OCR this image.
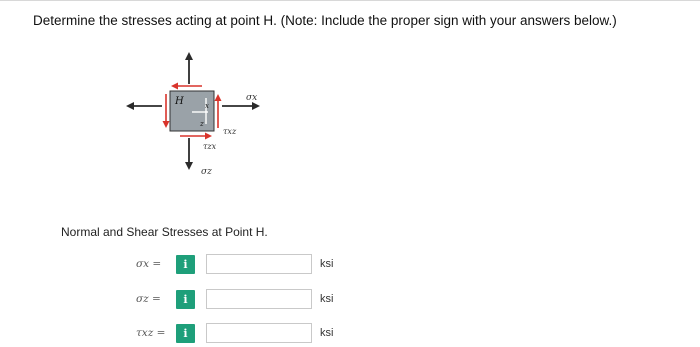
Determine the stresses acting at point H. (Note: Include the proper sign with your answers below.)
H	x
z
σx
τxz
τzx
σz
Normal and Shear Stresses at Point H.
σx =	i	ksi
σz =	i	ksi
τxz =	i	ksi
